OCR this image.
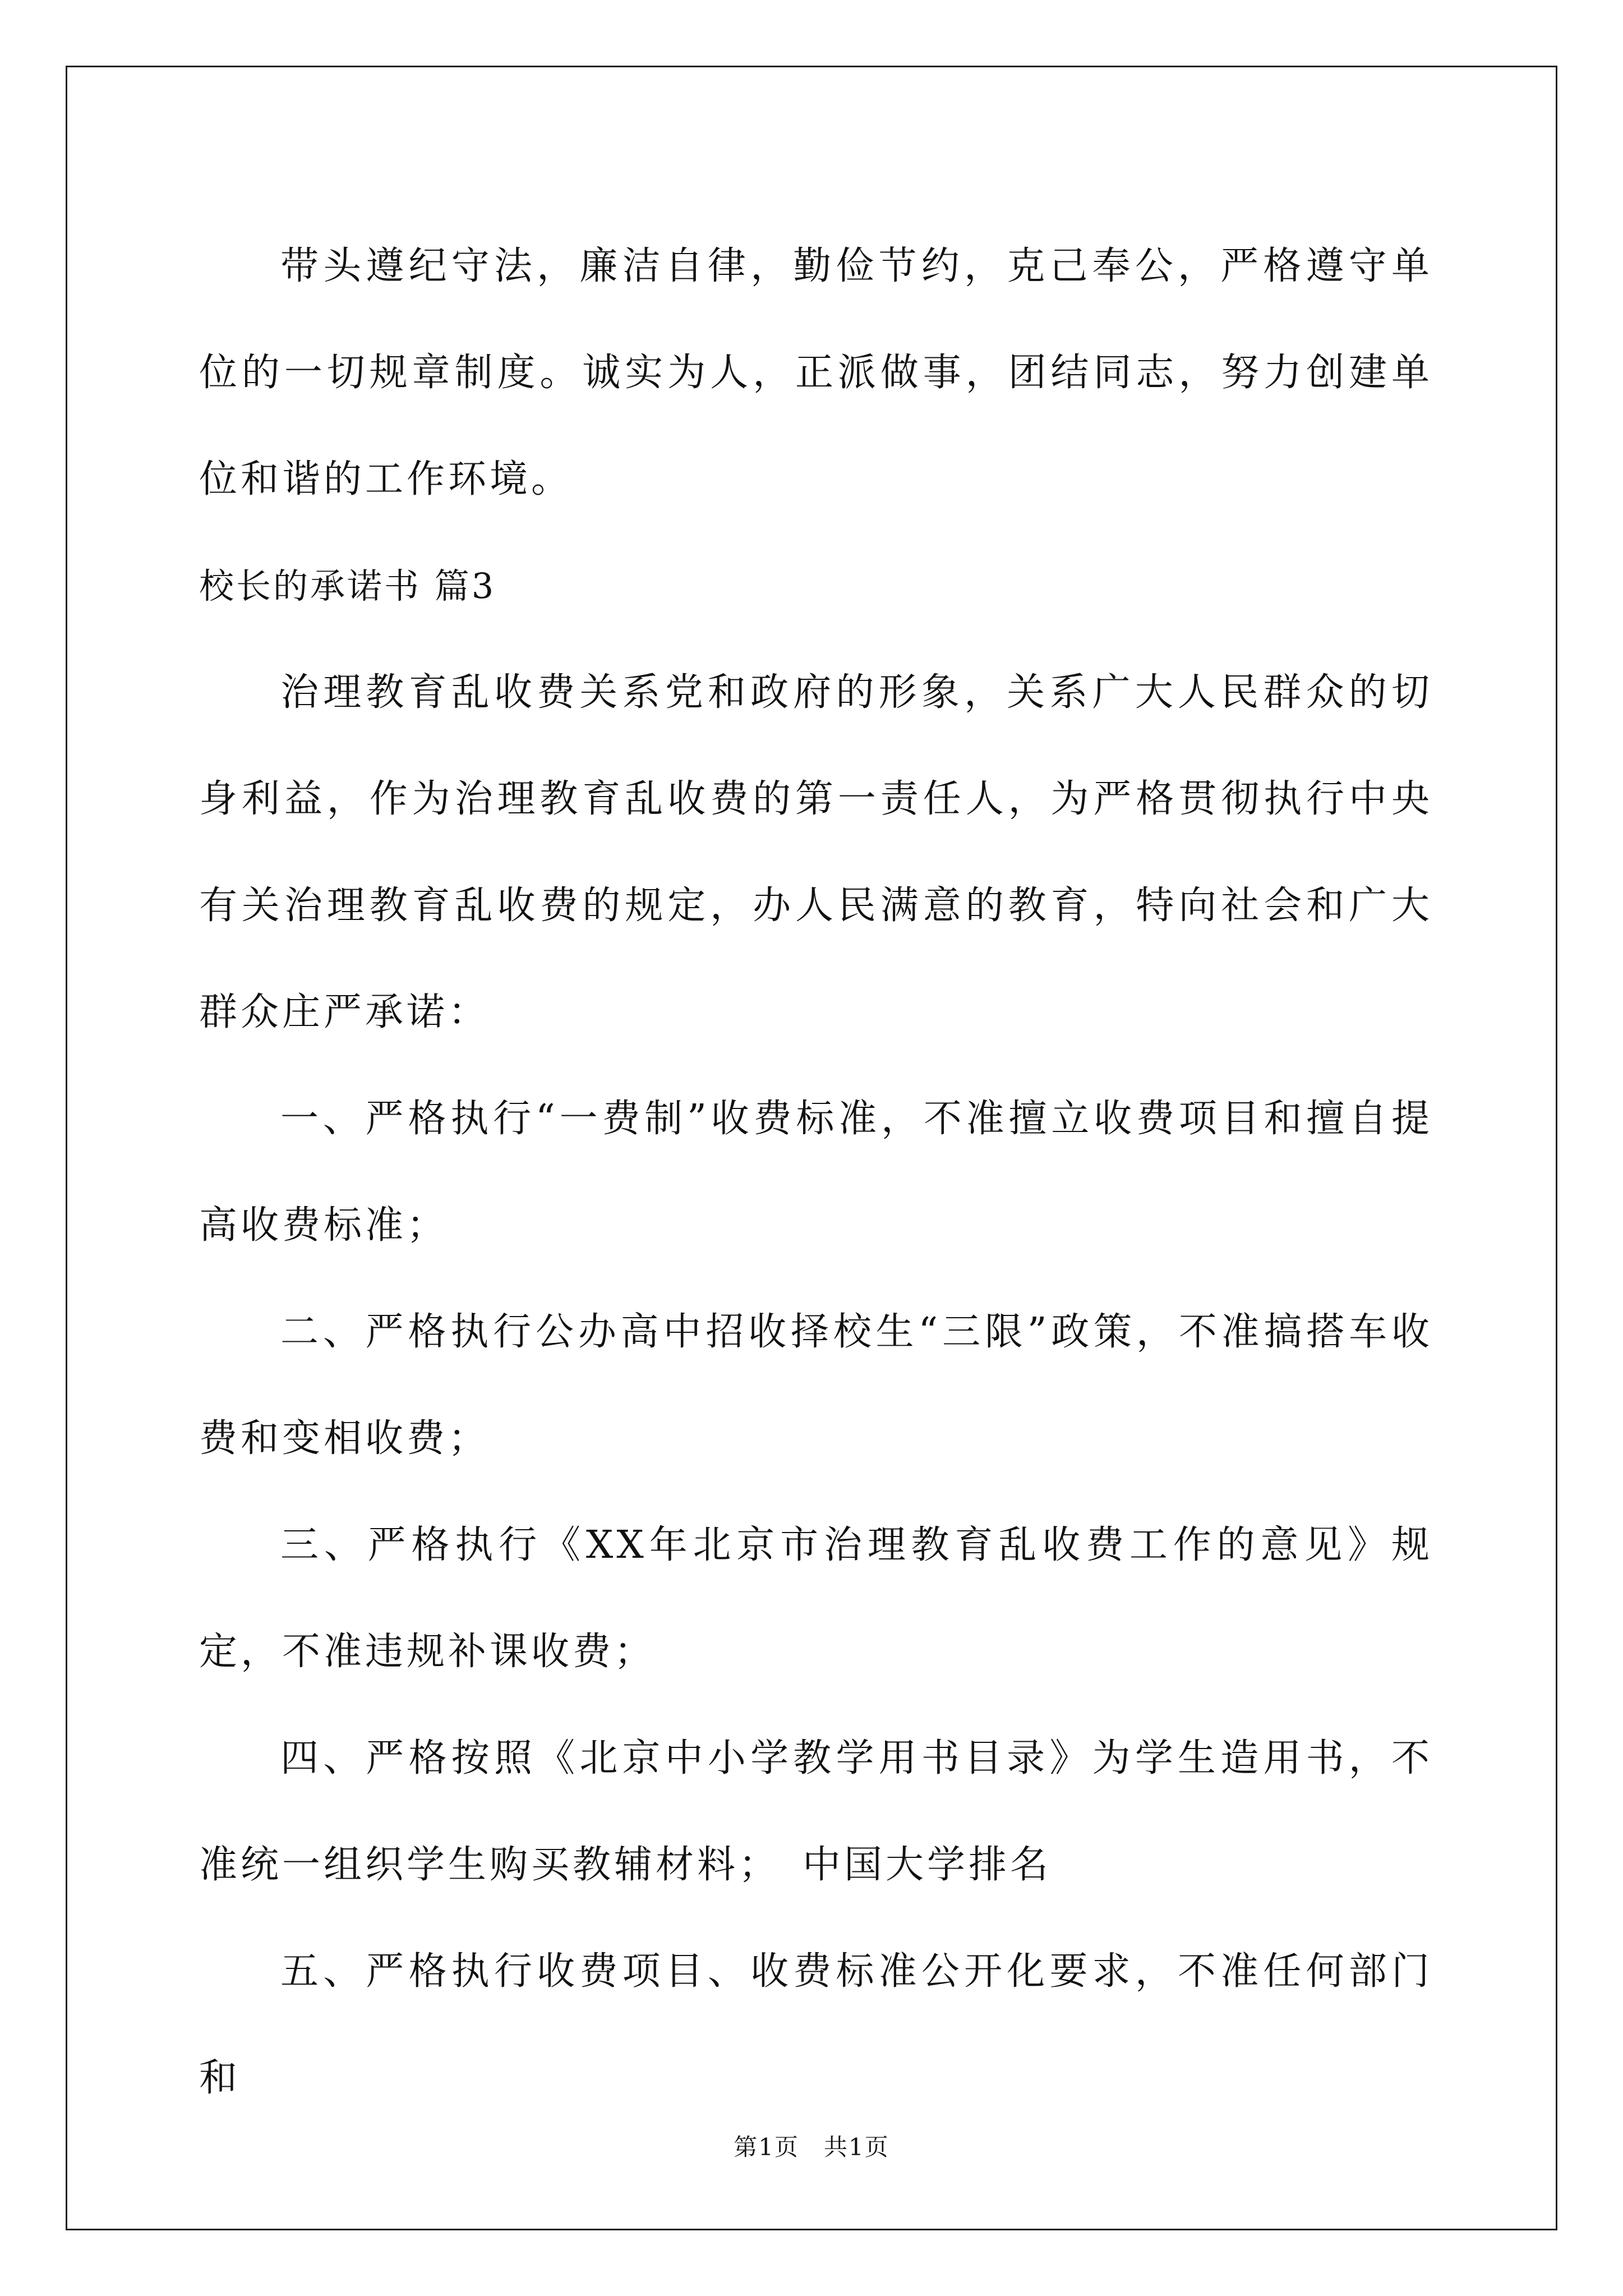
带头遵纪守法，廉洁自律，勤俭节约，克己奉公，严格遵守单位的一切规章制度。诚实为人，正派做事，团结同志，努力创建单位和谐的工作环境。

校长的承诺书 篇3

治理教育乱收费关系党和政府的形象，关系广大人民群众的切身利益，作为治理教育乱收费的第一责任人，为严格贯彻执行中央有关治理教育乱收费的规定，办人民满意的教育，特向社会和广大群众庄严承诺：

一、严格执行“一费制”收费标准，不准擅立收费项目和擅自提高收费标准；

二、严格执行公办高中招收择校生“三限”政策，不准搞搭车收费和变相收费；

三、严格执行《XX年北京市治理教育乱收费工作的意见》规定，不准违规补课收费；

四、严格按照《北京中小学教学用书目录》为学生造用书，不准统一组织学生购买教辅材料；　中国大学排名

五、严格执行收费项目、收费标准公开化要求，不准任何部门和

第1页 共1页
